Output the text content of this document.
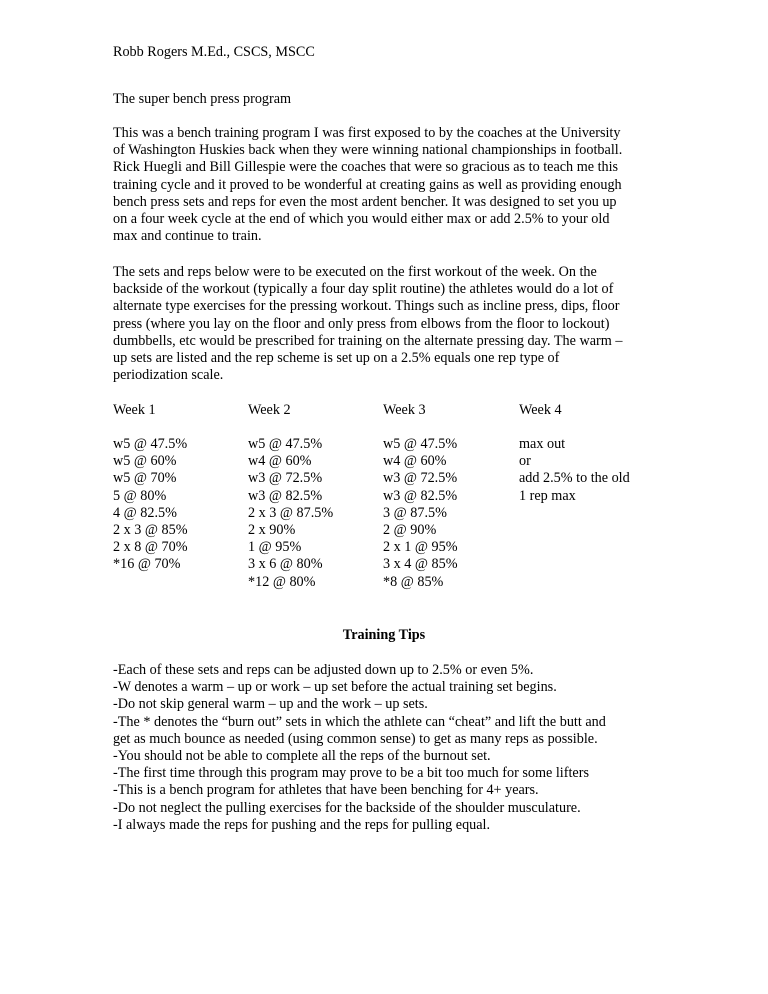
Robb Rogers M.Ed., CSCS, MSCC
The super bench press program

This was a bench training program I was first exposed to by the coaches at the University
of Washington Huskies back when they were winning national championships in football.
Rick Huegli and Bill Gillespie were the coaches that were so gracious as to teach me this
training cycle and it proved to be wonderful at creating gains as well as providing enough
bench press sets and reps for even the most ardent bencher. It was designed to set you up
on a four week cycle at the end of which you would either max or add 2.5% to your old
max and continue to train.

The sets and reps below were to be executed on the first workout of the week. On the
backside of the workout (typically a four day split routine) the athletes would do a lot of
alternate type exercises for the pressing workout. Things such as incline press, dips, floor
press (where you lay on the floor and only press from elbows from the floor to lockout)
dumbbells, etc would be prescribed for training on the alternate pressing day. The warm –
up sets are listed and the rep scheme is set up on a 2.5% equals one rep type of
periodization scale.

Week 1
w5 @ 47.5%
w5 @ 60%
w5 @ 70%
5 @ 80%
4 @ 82.5%
2 x 3 @ 85%
2 x 8 @ 70%
*16 @ 70%
Week 2
w5 @ 47.5%
w4 @ 60%
w3 @ 72.5%
w3 @ 82.5%
2 x 3 @ 87.5%
2 x 90%
1 @ 95%
3 x 6 @ 80%
*12 @ 80%
Week 3
w5 @ 47.5%
w4 @ 60%
w3 @ 72.5%
w3 @ 82.5%
3 @ 87.5%
2 @ 90%
2 x 1 @ 95%
3 x 4 @ 85%
*8 @ 85%
Week 4
max out
or
add 2.5% to the old
1 rep max
Training Tips
-Each of these sets and reps can be adjusted down up to 2.5% or even 5%.
-W denotes a warm – up or work – up set before the actual training set begins.
-Do not skip general warm – up and the work – up sets.
-The * denotes the “burn out” sets in which the athlete can “cheat” and lift the butt and
get as much bounce as needed (using common sense) to get as many reps as possible.
-You should not be able to complete all the reps of the burnout set.
-The first time through this program may prove to be a bit too much for some lifters
-This is a bench program for athletes that have been benching for 4+ years.
-Do not neglect the pulling exercises for the backside of the shoulder musculature.
-I always made the reps for pushing and the reps for pulling equal.
